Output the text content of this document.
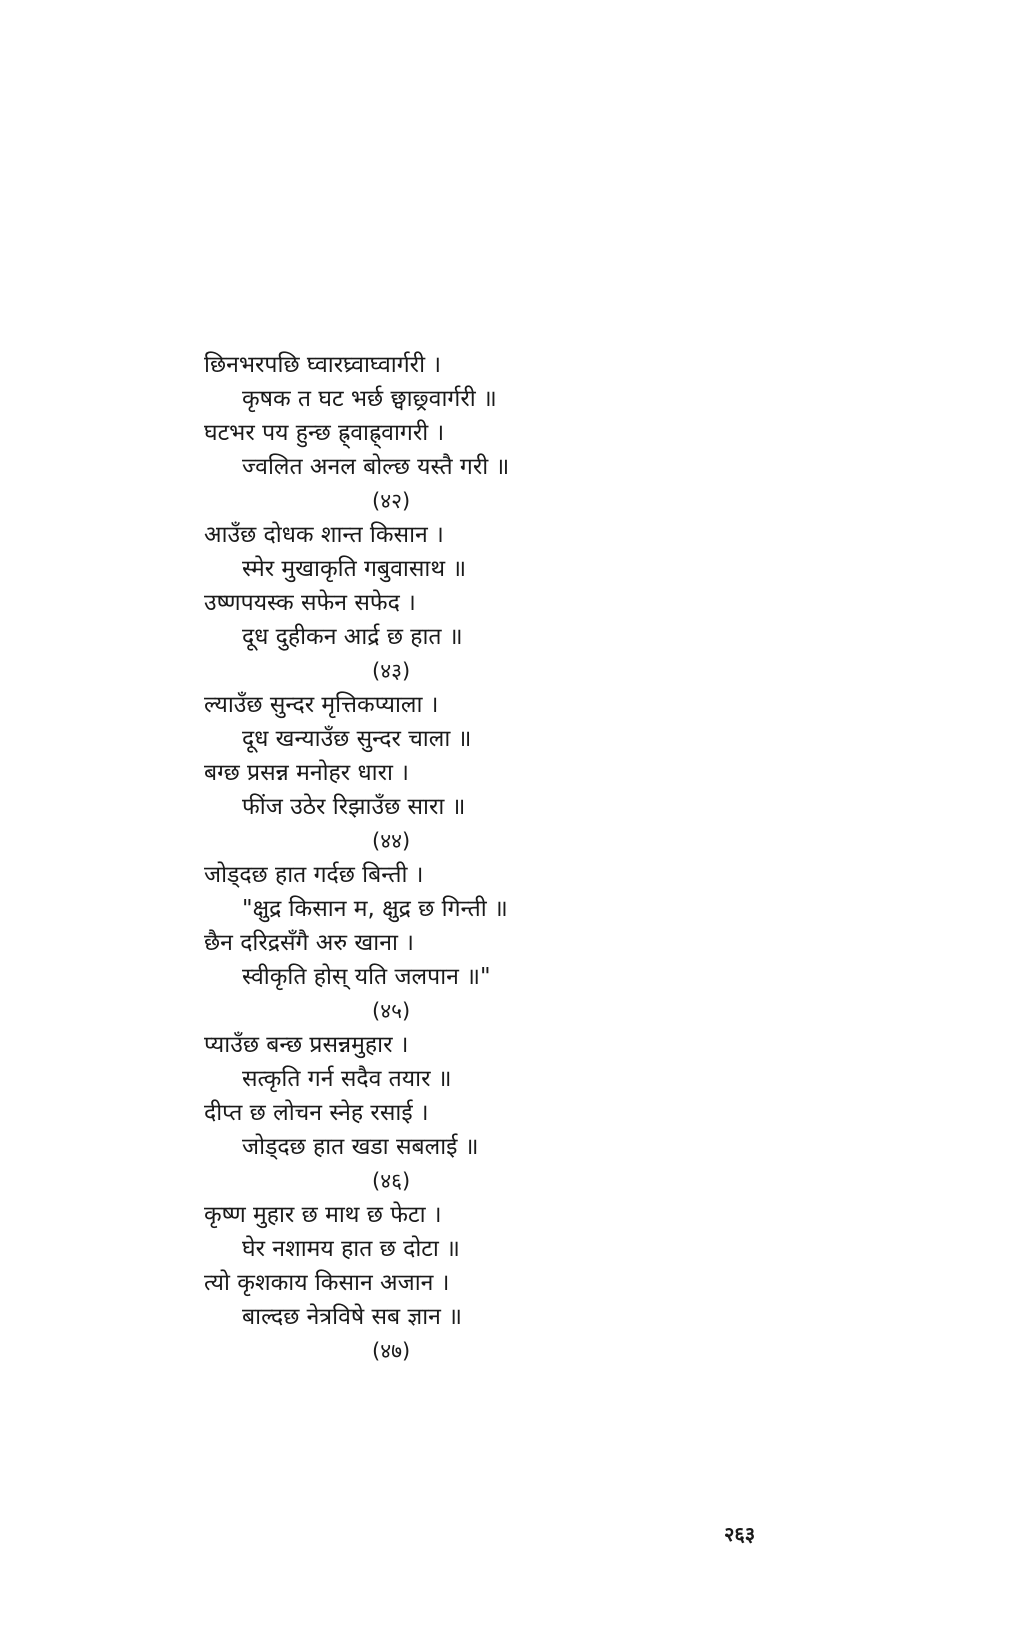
छिनभरपछि घ्वारघ्र्वाघ्वार्गरी ।
कृषक त घट भर्छ छ्वाछ्र्वार्गरी ॥
घटभर पय हुन्छ ह्र्वाह्र्वागरी ।
ज्वलित अनल बोल्छ यस्तै गरी ॥
(४२)
आउँछ दोधक शान्त किसान ।
स्मेर मुखाकृति गबुवासाथ ॥
उष्णपयस्क सफेन सफेद ।
दूध दुहीकन आर्द्र छ हात ॥
(४३)
ल्याउँछ सुन्दर मृत्तिकप्याला ।
दूध खन्याउँछ सुन्दर चाला ॥
बग्छ प्रसन्न मनोहर धारा ।
फींज उठेर रिझाउँछ सारा ॥
(४४)
जोड्दछ हात गर्दछ बिन्ती ।
"क्षुद्र किसान म, क्षुद्र छ गिन्ती ॥
छैन दरिद्रसँगै अरु खाना ।
स्वीकृति होस् यति जलपान ॥"
(४५)
प्याउँछ बन्छ प्रसन्नमुहार ।
सत्कृति गर्न सदैव तयार ॥
दीप्त छ लोचन स्नेह रसाई ।
जोड्दछ हात खडा सबलाई ॥
(४६)
कृष्ण मुहार छ माथ छ फेटा ।
घेर नशामय हात छ दोटा ॥
त्यो कृशकाय किसान अजान ।
बाल्दछ नेत्रविषे सब ज्ञान ॥
(४७)
२६३
